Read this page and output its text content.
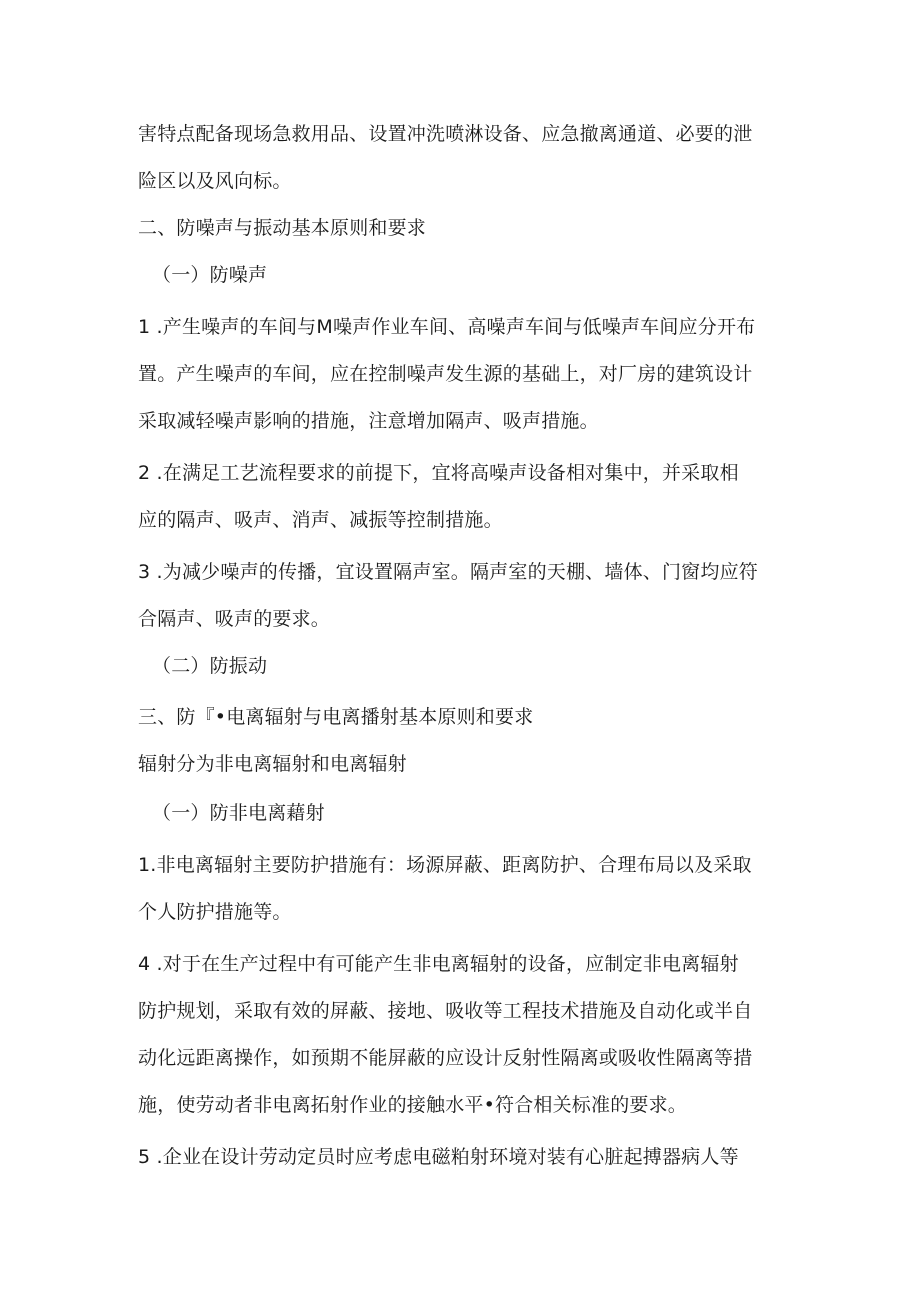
害特点配备现场急救用品、设置冲洗喷淋设备、应急撤离通道、必要的泄
险区以及风向标。
二、防噪声与振动基本原则和要求
（一）防噪声
1 .产生噪声的车间与M噪声作业车间、高噪声车间与低噪声车间应分开布
置。产生噪声的车间，应在控制噪声发生源的基础上，对厂房的建筑设计
采取减轻噪声影响的措施，注意增加隔声、吸声措施。
2 .在满足工艺流程要求的前提下，宜将高噪声设备相对集中，并采取相
应的隔声、吸声、消声、减振等控制措施。
3 .为减少噪声的传播，宜设置隔声室。隔声室的天棚、墙体、门窗均应符
合隔声、吸声的要求。
（二）防振动
三、防『•电离辐射与电离播射基本原则和要求
辐射分为非电离辐射和电离辐射
（一）防非电离藉射
1.非电离辐射主要防护措施有：场源屏蔽、距离防护、合理布局以及采取
个人防护措施等。
4 .对于在生产过程中有可能产生非电离辐射的设备，应制定非电离辐射
防护规划，采取有效的屏蔽、接地、吸收等工程技术措施及自动化或半自
动化远距离操作，如预期不能屏蔽的应设计反射性隔离或吸收性隔离等措
施，使劳动者非电离拓射作业的接触水平•符合相关标准的要求。
5 .企业在设计劳动定员时应考虑电磁粕射环境对装有心脏起搏器病人等
